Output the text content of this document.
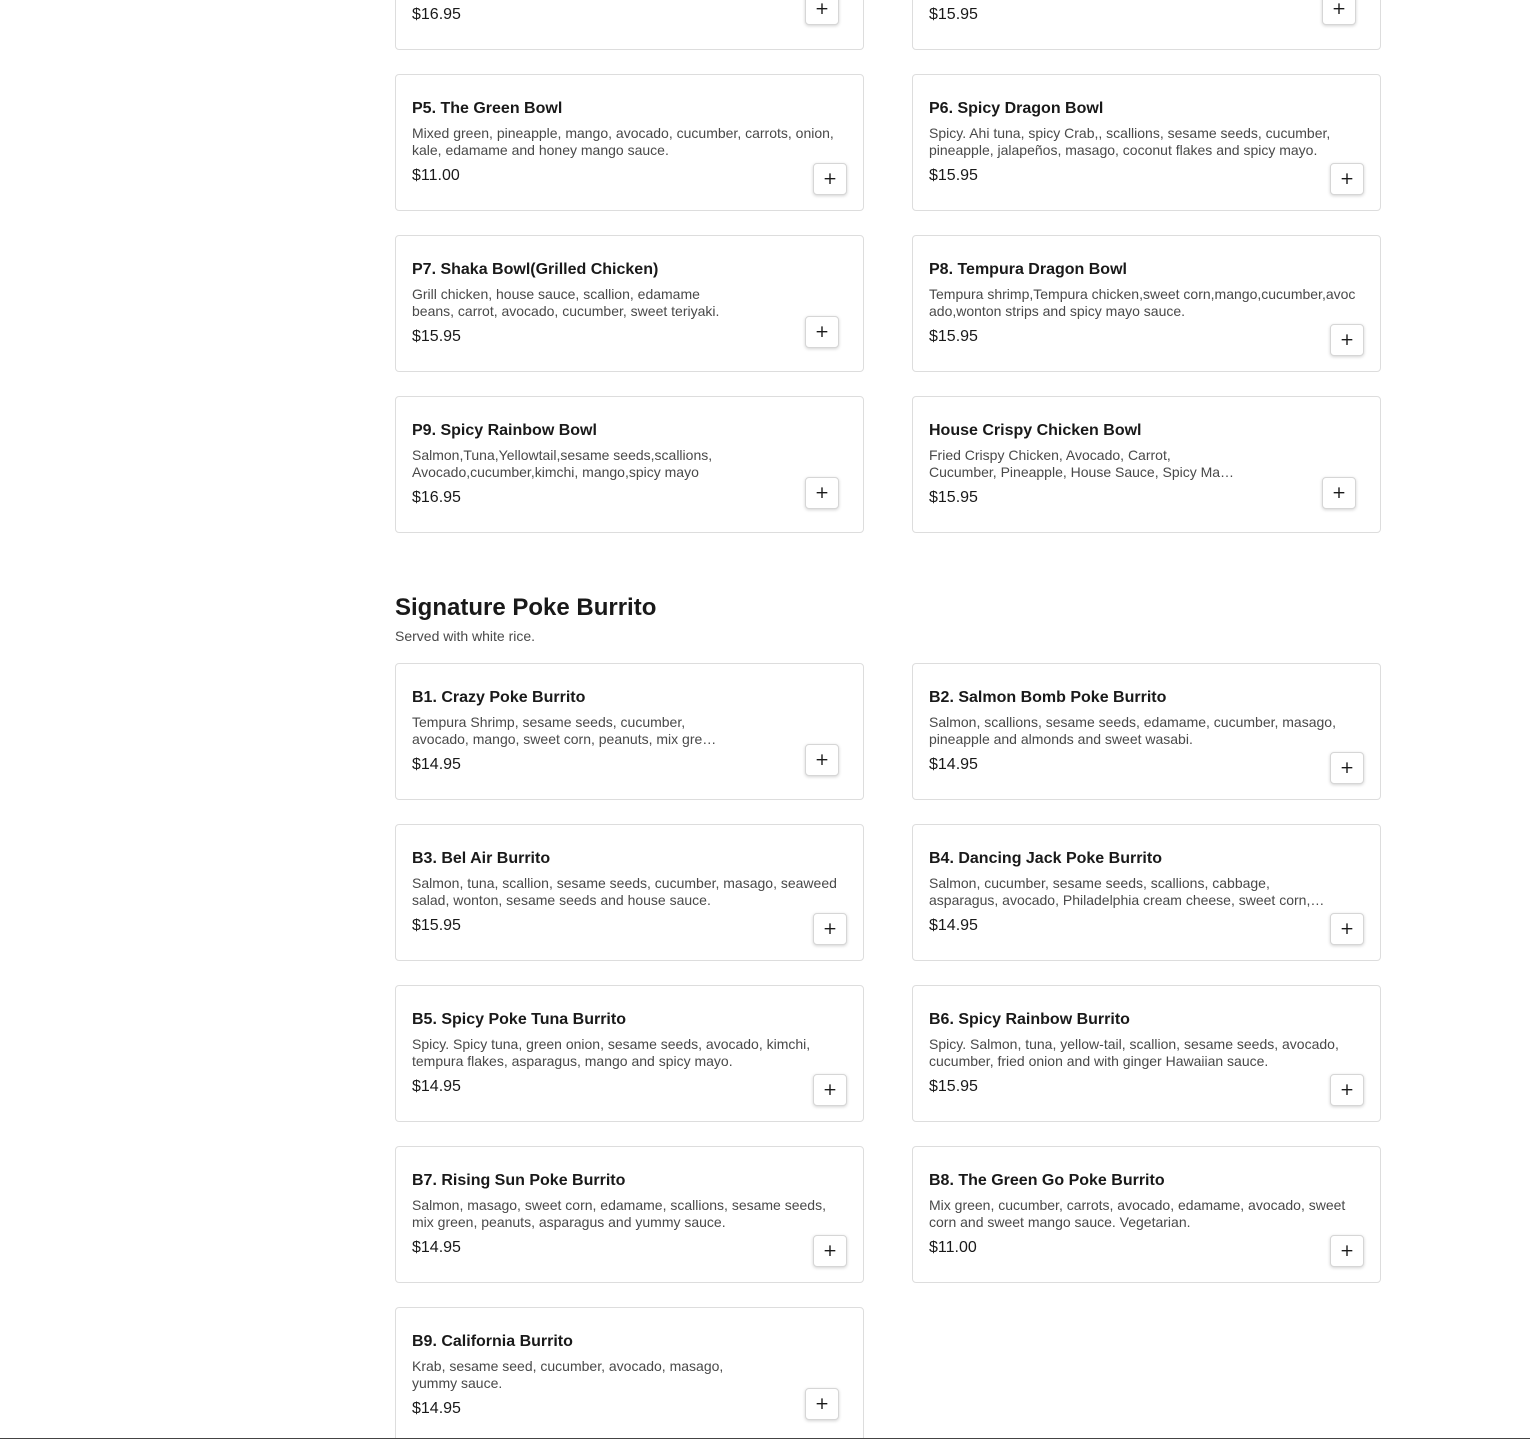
$16.95	+	$15.95	+
P5. The Green Bowl
Mixed green, pineapple, mango, avocado, cucumber, carrots, onion, kale, edamame and honey mango sauce.
$11.00	+
P6. Spicy Dragon Bowl
Spicy. Ahi tuna, spicy Crab,, scallions, sesame seeds, cucumber, pineapple, jalapeños, masago, coconut flakes and spicy mayo.
$15.95	+
P7. Shaka Bowl(Grilled Chicken)
Grill chicken, house sauce, scallion, edamame beans, carrot, avocado, cucumber, sweet teriyaki.
$15.95	+
P8. Tempura Dragon Bowl
Tempura shrimp,Tempura chicken,sweet corn,mango,cucumber,avocado,wonton strips and spicy mayo sauce.
$15.95	+
P9. Spicy Rainbow Bowl
Salmon,Tuna,Yellowtail,sesame seeds,scallions, Avocado,cucumber,kimchi, mango,spicy mayo
$16.95	+
House Crispy Chicken Bowl
Fried Crispy Chicken, Avocado, Carrot, Cucumber, Pineapple, House Sauce, Spicy Mayo
$15.95	+
Signature Poke Burrito

Served with white rice.

B1. Crazy Poke Burrito
Tempura Shrimp, sesame seeds, cucumber, avocado, mango, sweet corn, peanuts, mix green
$14.95	+
B2. Salmon Bomb Poke Burrito
Salmon, scallions, sesame seeds, edamame, cucumber, masago, pineapple and almonds and sweet wasabi.
$14.95	+
B3. Bel Air Burrito
Salmon, tuna, scallion, sesame seeds, cucumber, masago, seaweed salad, wonton, sesame seeds and house sauce.
$15.95	+
B4. Dancing Jack Poke Burrito
Salmon, cucumber, sesame seeds, scallions, cabbage, asparagus, avocado, Philadelphia cream cheese, sweet corn,
$14.95	+
B5. Spicy Poke Tuna Burrito
Spicy. Spicy tuna, green onion, sesame seeds, avocado, kimchi, tempura flakes, asparagus, mango and spicy mayo.
$14.95	+
B6. Spicy Rainbow Burrito
Spicy. Salmon, tuna, yellow-tail, scallion, sesame seeds, avocado, cucumber, fried onion and with ginger Hawaiian sauce.
$15.95	+
B7. Rising Sun Poke Burrito
Salmon, masago, sweet corn, edamame, scallions, sesame seeds, mix green, peanuts, asparagus and yummy sauce.
$14.95	+
B8. The Green Go Poke Burrito
Mix green, cucumber, carrots, avocado, edamame, avocado, sweet corn and sweet mango sauce. Vegetarian.
$11.00	+
B9. California Burrito
Krab, sesame seed, cucumber, avocado, masago, yummy sauce.
$14.95	+
